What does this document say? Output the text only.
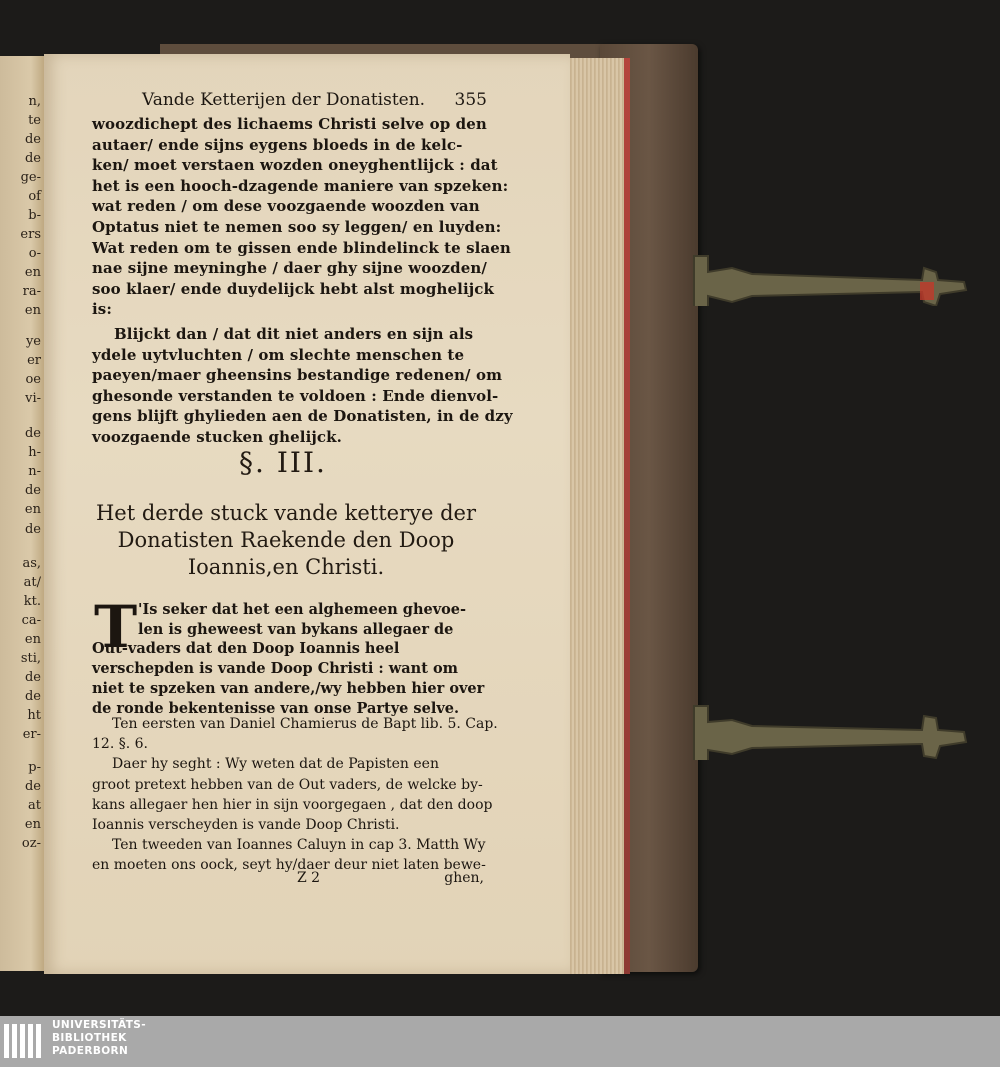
n,
te
de
de
ge-
of
b-
ers
o-
en
ra-
en
ye
er
oe
vi-
de
h-
n-
de
en
de
as,
at/
kt.
ca-
en
sti,
de
de
ht
er-
p-
de
at
en
oz-
Vande Ketterijen der Donatisten. 355
woozdichept des lichaems Christi selve op den
autaer/ ende sijns eygens bloeds in de kelc-
ken/ moet verstaen wozden oneyghentlijck : dat
het is een hooch-dzagende maniere van spzeken:
wat reden / om dese voozgaende woozden van
Optatus niet te nemen soo sy leggen/ en luyden:
Wat reden om te gissen ende blindelinck te slaen
nae sijne meyninghe / daer ghy sijne woozden/
soo klaer/ ende duydelijck hebt alst moghelijck
is:
Blijckt dan / dat dit niet anders en sijn als
ydele uytvluchten / om slechte menschen te
paeyen/maer gheensins bestandige redenen/ om
ghesonde verstanden te voldoen : Ende dienvol-
gens blijft ghylieden aen de Donatisten, in de dzy
voozgaende stucken ghelijck.
§. III.
Het derde stuck vande ketterye der
Donatisten Raekende den Doop
Ioannis,en Christi.
T 'Is seker dat het een alghemeen ghevoe-
len is gheweest van bykans allegaer de
Out-vaders dat den Doop Ioannis heel
verschepden is vande Doop Christi : want om
niet te spzeken van andere,/wy hebben hier over
de ronde bekentenisse van onse Partye selve.
Ten eersten van Daniel Chamierus de Bapt lib. 5. Cap.
12. §. 6.
Daer hy seght : Wy weten dat de Papisten een
groot pretext hebben van de Out vaders, de welcke by-
kans allegaer hen hier in sijn voorgegaen , dat den doop
Ioannis verscheyden is vande Doop Christi.
Ten tweeden van Ioannes Caluyn in cap 3. Matth Wy
en moeten ons oock, seyt hy/daer deur niet laten bewe-
Z 2	ghen,
UNIVERSITÄTS-
BIBLIOTHEK
PADERBORN
